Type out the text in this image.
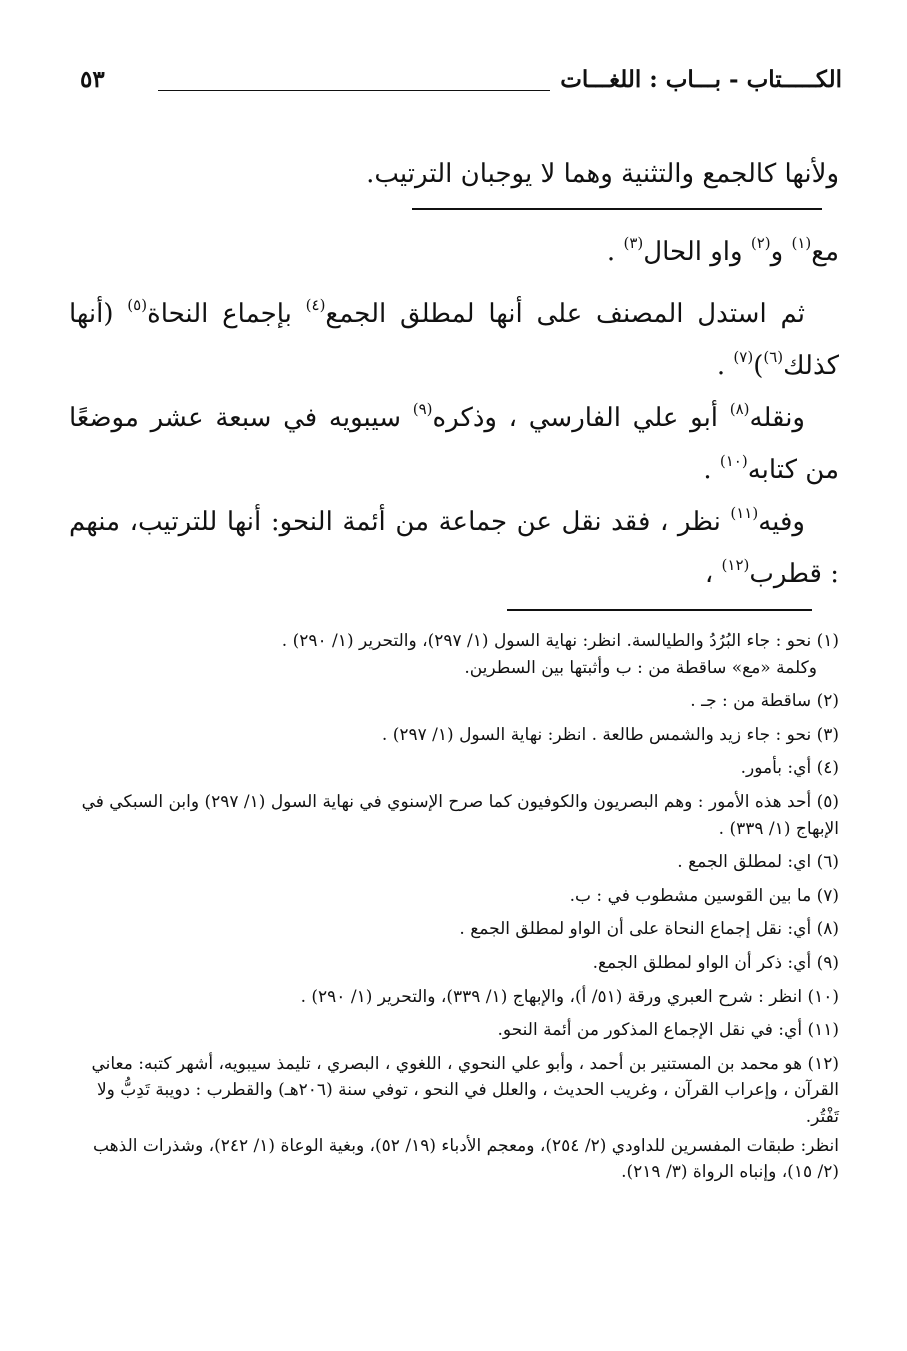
الكـــــتاب - بـــاب : اللغـــات
٥٣
ولأنها كالجمع والتثنية وهما لا يوجبان الترتيب.
مع$^{(١)}$ و$^{(٢)}$ واو الحال$^{(٣)}$ .
ثم استدل المصنف على أنها لمطلق الجمع$^{(٤)}$ بإجماع النحاة$^{(٥)}$ (أنها كذلك$^{(٦)}$)$^{(٧)}$ .
ونقله$^{(٨)}$ أبو علي الفارسي ، وذكره$^{(٩)}$ سيبويه في سبعة عشر موضعًا من كتابه$^{(١٠)}$ .
وفيه$^{(١١)}$ نظر ، فقد نقل عن جماعة من أئمة النحو: أنها للترتيب، منهم : قطرب$^{(١٢)}$ ،
(١) نحو : جاء البُرُدُ والطيالسة. انظر: نهاية السول (١/ ٢٩٧)، والتحرير (١/ ٢٩٠) .
وكلمة «مع» ساقطة من : ب وأثبتها بين السطرين.
(٢) ساقطة من : جـ .
(٣) نحو : جاء زيد والشمس طالعة . انظر: نهاية السول (١/ ٢٩٧) .
(٤) أي: بأمور.
(٥) أحد هذه الأمور : وهم البصريون والكوفيون كما صرح الإسنوي في نهاية السول (١/ ٢٩٧) وابن السبكي في الإبهاج (١/ ٣٣٩) .
(٦) اي: لمطلق الجمع .
(٧) ما بين القوسين مشطوب في : ب.
(٨) أي: نقل إجماع النحاة على أن الواو لمطلق الجمع .
(٩) أي: ذكر أن الواو لمطلق الجمع.
(١٠) انظر : شرح العبري ورقة (٥١/ أ)، والإبهاج (١/ ٣٣٩)، والتحرير (١/ ٢٩٠) .
(١١) أي: في نقل الإجماع المذكور من أئمة النحو.
(١٢) هو محمد بن المستنير بن أحمد ، وأبو علي النحوي ، اللغوي ، البصري ، تليمذ سيبويه، أشهر كتبه: معاني القرآن ، وإعراب القرآن ، وغريب الحديث ، والعلل في النحو ، توفي سنة (٢٠٦هـ) والقطرب : دويبة تَدِبُّ ولا تَفْتُر.
انظر: طبقات المفسرين للداودي (٢/ ٢٥٤)، ومعجم الأدباء (١٩/ ٥٢)، وبغية الوعاة (١/ ٢٤٢)، وشذرات الذهب (٢/ ١٥)، وإنباه الرواة (٣/ ٢١٩).
